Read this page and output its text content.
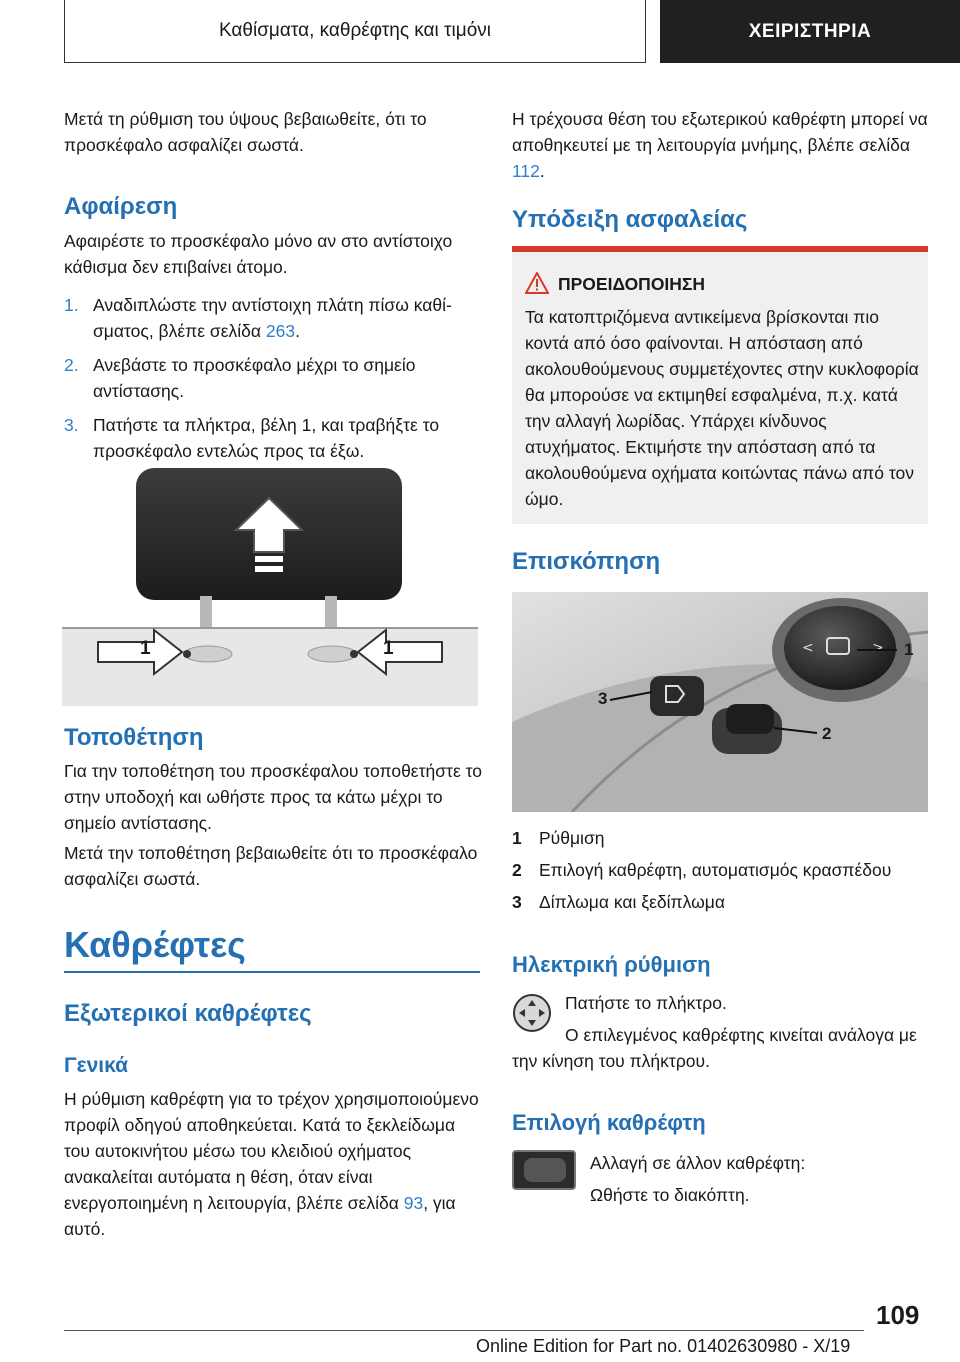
Καθίσματα, καθρέφτης και τιμόνι	ΧΕΙΡΙΣΤΗΡΙΑ

Μετά τη ρύθμιση του ύψους βεβαιωθείτε, ότι το προσκέφαλο ασφαλίζει σωστά.

Αφαίρεση

Αφαιρέστε το προσκέφαλο μόνο αν στο αντίστοιχο κάθισμα δεν επιβαίνει άτομο.

1. Αναδιπλώστε την αντίστοιχη πλάτη πίσω καθίσματος, βλέπε σελίδα 263.
2. Ανεβάστε το προσκέφαλο μέχρι το σημείο αντίστασης.
3. Πατήστε τα πλήκτρα, βέλη 1, και τραβήξτε το προσκέφαλο εντελώς προς τα έξω.
1	1
Τοποθέτηση

Για την τοποθέτηση του προσκέφαλου τοποθετήστε το στην υποδοχή και ωθήστε προς τα κάτω μέχρι το σημείο αντίστασης.

Μετά την τοποθέτηση βεβαιωθείτε ότι το προσκέφαλο ασφαλίζει σωστά.

Καθρέφτες
Εξωτερικοί καθρέφτες
Γενικά

Η ρύθμιση καθρέφτη για το τρέχον χρησιμοποιούμενο προφίλ οδηγού αποθηκεύεται. Κατά το ξεκλείδωμα του αυτοκινήτου μέσω του κλειδιού οχήματος ανακαλείται αυτόματα η θέση, όταν είναι ενεργοποιημένη η λειτουργία, βλέπε σελίδα 93, για αυτό.

Η τρέχουσα θέση του εξωτερικού καθρέφτη μπορεί να αποθηκευτεί με τη λειτουργία μνήμης, βλέπε σελίδα 112.

Υπόδειξη ασφαλείας
ΠΡΟΕΙΔΟΠΟΙΗΣΗ

Τα κατοπτριζόμενα αντικείμενα βρίσκονται πιο κοντά από όσο φαίνονται. Η απόσταση από ακολουθούμενους συμμετέχοντες στην κυκλοφορία θα μπορούσε να εκτιμηθεί εσφαλμένα, π.χ. κατά την αλλαγή λωρίδας. Υπάρχει κίνδυνος ατυχήματος. Εκτιμήστε την απόσταση από τα ακολουθούμενα οχήματα κοιτώντας πάνω από τον ώμο.

Επισκόπηση
<	> 1
2
3
1 Ρύθμιση
2 Επιλογή καθρέφτη, αυτοματισμός κρασπέδου
3 Δίπλωμα και ξεδίπλωμα
Ηλεκτρική ρύθμιση

Πατήστε το πλήκτρο.

Ο επιλεγμένος καθρέφτης κινείται ανάλογα με την κίνηση του πλήκτρου.

Επιλογή καθρέφτη

Αλλαγή σε άλλον καθρέφτη:

Ωθήστε το διακόπτη.

109
Online Edition for Part no. 01402630980 - X/19
